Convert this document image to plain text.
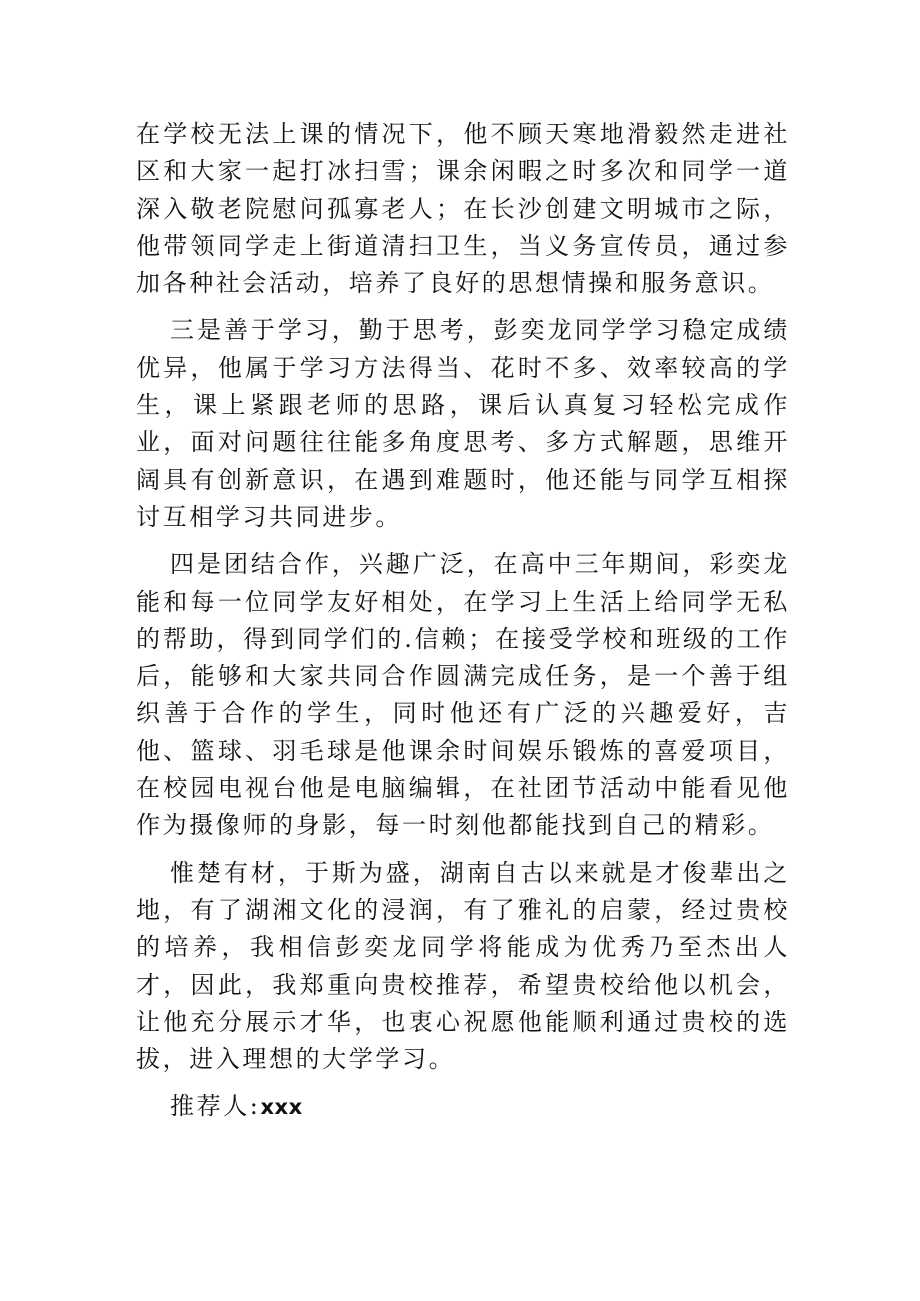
在学校无法上课的情况下，他不顾天寒地滑毅然走进社区和大家一起打冰扫雪；课余闲暇之时多次和同学一道深入敬老院慰问孤寡老人；在长沙创建文明城市之际，他带领同学走上街道清扫卫生，当义务宣传员，通过参加各种社会活动，培养了良好的思想情操和服务意识。

三是善于学习，勤于思考，彭奕龙同学学习稳定成绩优异，他属于学习方法得当、花时不多、效率较高的学生，课上紧跟老师的思路，课后认真复习轻松完成作业，面对问题往往能多角度思考、多方式解题，思维开阔具有创新意识，在遇到难题时，他还能与同学互相探讨互相学习共同进步。

四是团结合作，兴趣广泛，在高中三年期间，彩奕龙能和每一位同学友好相处，在学习上生活上给同学无私的帮助，得到同学们的.信赖；在接受学校和班级的工作后，能够和大家共同合作圆满完成任务，是一个善于组织善于合作的学生，同时他还有广泛的兴趣爱好，吉他、篮球、羽毛球是他课余时间娱乐锻炼的喜爱项目，在校园电视台他是电脑编辑，在社团节活动中能看见他作为摄像师的身影，每一时刻他都能找到自己的精彩。

惟楚有材，于斯为盛，湖南自古以来就是才俊辈出之地，有了湖湘文化的浸润，有了雅礼的启蒙，经过贵校的培养，我相信彭奕龙同学将能成为优秀乃至杰出人才，因此，我郑重向贵校推荐，希望贵校给他以机会，让他充分展示才华，也衷心祝愿他能顺利通过贵校的选拔，进入理想的大学学习。

推荐人:xxx
